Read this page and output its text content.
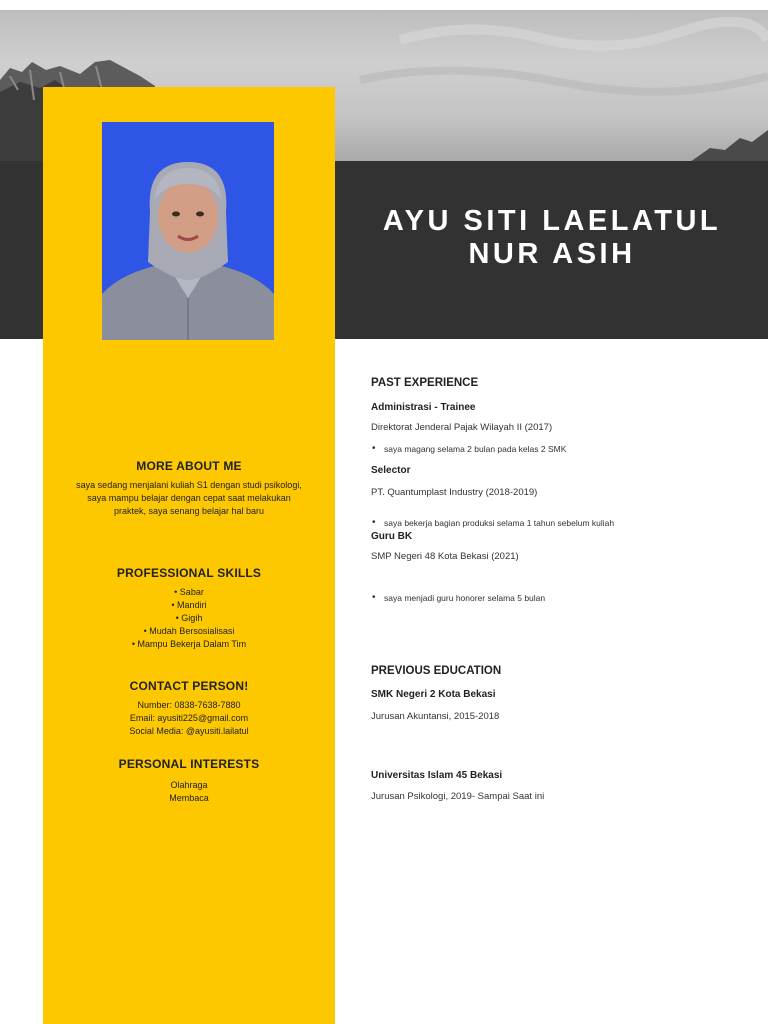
AYU SITI LAELATUL
NUR ASIH
MORE ABOUT ME
saya sedang menjalani kuliah S1 dengan studi psikologi,
saya mampu belajar dengan cepat saat melakukan
praktek, saya senang belajar hal baru
PROFESSIONAL SKILLS
• Sabar
• Mandiri
• Gigih
• Mudah Bersosialisasi
• Mampu Bekerja Dalam Tim
CONTACT PERSON!
Number: 0838-7638-7880
Email: ayusiti225@gmail.com
Social Media: @ayusiti.lailatul
PERSONAL INTERESTS
Olahraga
Membaca
PAST EXPERIENCE
Administrasi - Trainee
Direktorat Jenderal Pajak Wilayah II (2017)
• saya magang selama 2 bulan pada kelas 2 SMK
Selector
PT. Quantumplast Industry (2018-2019)
• saya bekerja bagian produksi selama 1 tahun sebelum kuliah
Guru BK
SMP Negeri 48 Kota Bekasi (2021)
• saya menjadi guru honorer selama 5 bulan
PREVIOUS EDUCATION
SMK Negeri 2 Kota Bekasi
Jurusan Akuntansi, 2015-2018
Universitas Islam 45 Bekasi
Jurusan Psikologi, 2019- Sampai Saat ini
